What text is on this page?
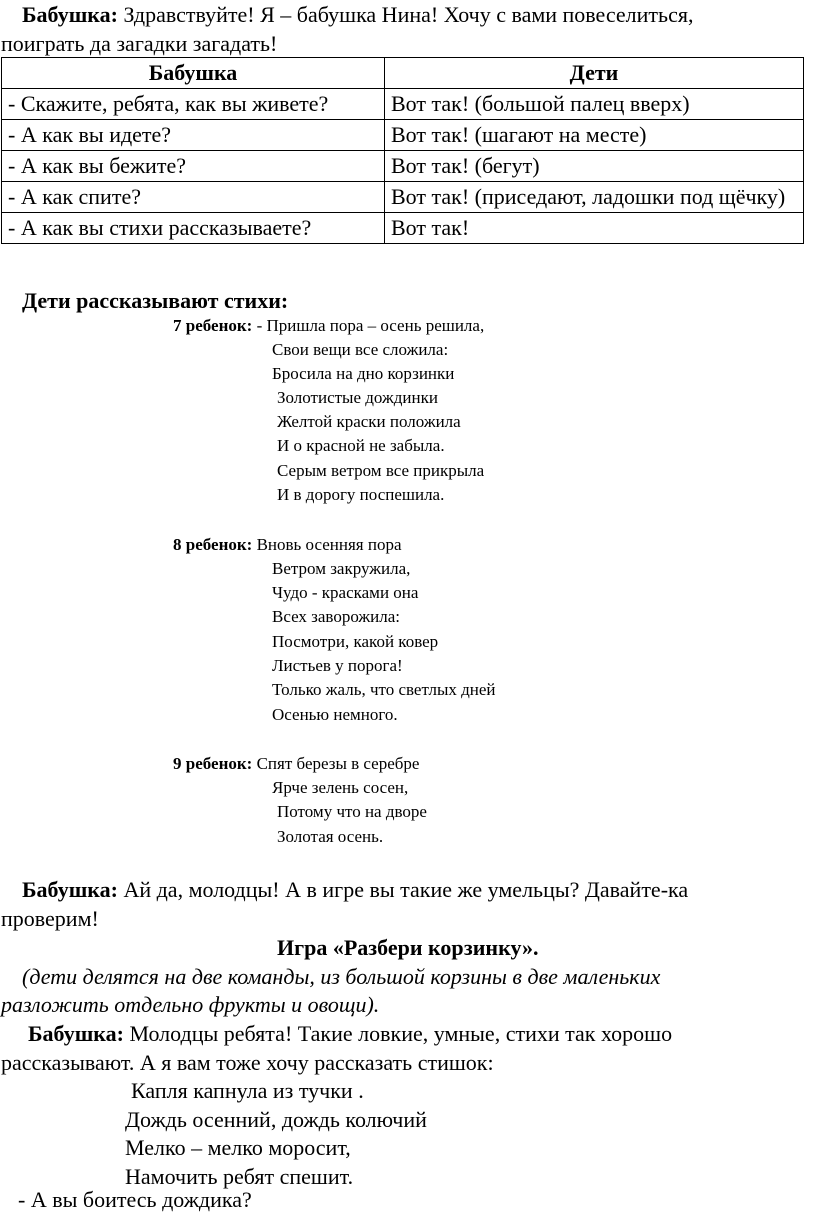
Бабушка: Здравствуйте! Я – бабушка Нина! Хочу с вами повеселиться,
поиграть да загадки загадать!
Бабушка	Дети
- Скажите, ребята, как вы живете?	Вот так! (большой палец вверх)
- А как вы идете?	Вот так! (шагают на месте)
- А как вы бежите?	Вот так! (бегут)
- А как спите?	Вот так! (приседают, ладошки под щёчку)
- А как вы стихи рассказываете?	Вот так!
Дети рассказывают стихи:
7 ребенок: - Пришла пора – осень решила,
Свои вещи все сложила:
Бросила на дно корзинки
Золотистые дождинки
Желтой краски положила
И о красной не забыла.
Серым ветром все прикрыла
И в дорогу поспешила.
8 ребенок: Вновь осенняя пора
Ветром закружила,
Чудо - красками она
Всех заворожила:
Посмотри, какой ковер
Листьев у порога!
Только жаль, что светлых дней
Осенью немного.
9 ребенок: Спят березы в серебре
Ярче зелень сосен,
Потому что на дворе
Золотая осень.
Бабушка: Ай да, молодцы! А в игре вы такие же умельцы? Давайте-ка
проверим!
Игра «Разбери корзинку».
(дети делятся на две команды, из большой корзины в две маленьких
разложить отдельно фрукты и овощи).
Бабушка: Молодцы ребята! Такие ловкие, умные, стихи так хорошо
рассказывают. А я вам тоже хочу рассказать стишок:
Капля капнула из тучки .
Дождь осенний, дождь колючий
Мелко – мелко моросит,
Намочить ребят спешит.
- А вы боитесь дождика?
